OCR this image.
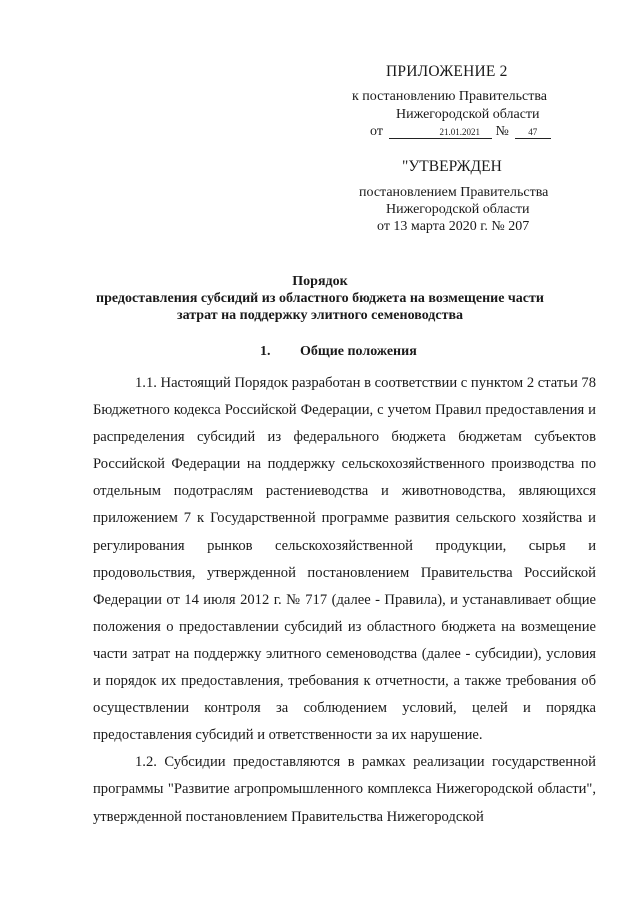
ПРИЛОЖЕНИЕ 2
к постановлению Правительства
Нижегородской области
от	21.01.2021 № 47
"УТВЕРЖДЕН
постановлением Правительства
Нижегородской области
от 13 марта 2020 г. № 207
Порядок
предоставления субсидий из областного бюджета на возмещение части
затрат на поддержку элитного семеноводства
1. Общие положения

1.1. Настоящий Порядок разработан в соответствии с пунктом 2 статьи 78 Бюджетного кодекса Российской Федерации, с учетом Правил предоставления и распределения субсидий из федерального бюджета бюджетам субъектов Российской Федерации на поддержку сельскохозяйственного производства по отдельным подотраслям растениеводства и животноводства, являющихся приложением 7 к Государственной программе развития сельского хозяйства и регулирования рынков сельскохозяйственной продукции, сырья и продовольствия, утвержденной постановлением Правительства Российской Федерации от 14 июля 2012 г. № 717 (далее - Правила), и устанавливает общие положения о предоставлении субсидий из областного бюджета на возмещение части затрат на поддержку элитного семеноводства (далее - субсидии), условия и порядок их предоставления, требования к отчетности, а также требования об осуществлении контроля за соблюдением условий, целей и порядка предоставления субсидий и ответственности за их нарушение.

1.2. Субсидии предоставляются в рамках реализации государственной программы "Развитие агропромышленного комплекса Нижегородской области", утвержденной постановлением Правительства Нижегородской
